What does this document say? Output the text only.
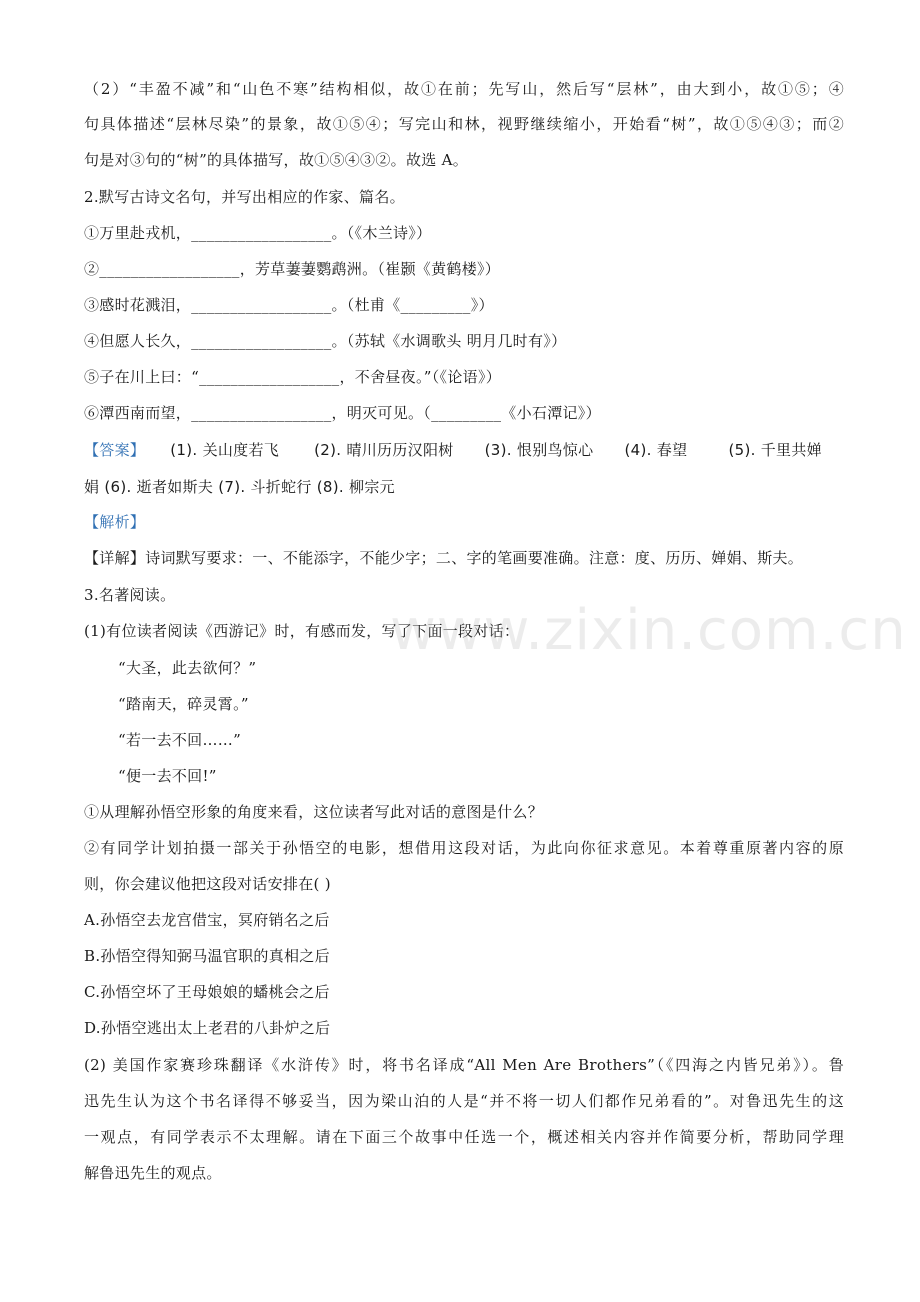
（2）“丰盈不减”和“山色不寒”结构相似，故①在前；先写山，然后写“层林”，由大到小，故①⑤；④
句具体描述“层林尽染”的景象，故①⑤④；写完山和林，视野继续缩小，开始看“树”，故①⑤④③；而②
句是对③句的“树”的具体描写，故①⑤④③②。故选 A。
2.默写古诗文名句，并写出相应的作家、篇名。
①万里赴戎机，__________________。（《木兰诗》）
②__________________，芳草萋萋鹦鹉洲。（崔颢《黄鹤楼》）
③感时花溅泪，__________________。（杜甫《_________》）
④但愿人长久，__________________。（苏轼《水调歌头 明月几时有》）
⑤子在川上曰：“__________________，不舍昼夜。”（《论语》）
⑥潭西南而望，__________________，明灭可见。（_________《小石潭记》）
【答案】 (1). 关山度若飞 (2). 晴川历历汉阳树 (3). 恨别鸟惊心 (4). 春望	(5). 千里共婵
娟 (6). 逝者如斯夫 (7). 斗折蛇行 (8). 柳宗元
【解析】
【详解】诗词默写要求：一、不能添字，不能少字；二、字的笔画要准确。注意：度、历历、婵娟、斯夫。
3.名著阅读。
(1)有位读者阅读《西游记》时，有感而发，写了下面一段对话：
“大圣，此去欲何？”
“踏南天，碎灵霄。”
“若一去不回……”
“便一去不回!”
①从理解孙悟空形象的角度来看，这位读者写此对话的意图是什么？
②有同学计划拍摄一部关于孙悟空的电影，想借用这段对话，为此向你征求意见。本着尊重原著内容的原
则，你会建议他把这段对话安排在( )
A.孙悟空去龙宫借宝，冥府销名之后
B.孙悟空得知弼马温官职的真相之后
C.孙悟空坏了王母娘娘的蟠桃会之后
D.孙悟空逃出太上老君的八卦炉之后
(2) 美国作家赛珍珠翻译《水浒传》时，将书名译成“All Men Are Brothers”（《四海之内皆兄弟》）。鲁
迅先生认为这个书名译得不够妥当，因为梁山泊的人是“并不将一切人们都作兄弟看的”。对鲁迅先生的这
一观点，有同学表示不太理解。请在下面三个故事中任选一个，概述相关内容并作简要分析，帮助同学理
解鲁迅先生的观点。
www.zixin.com.cn
